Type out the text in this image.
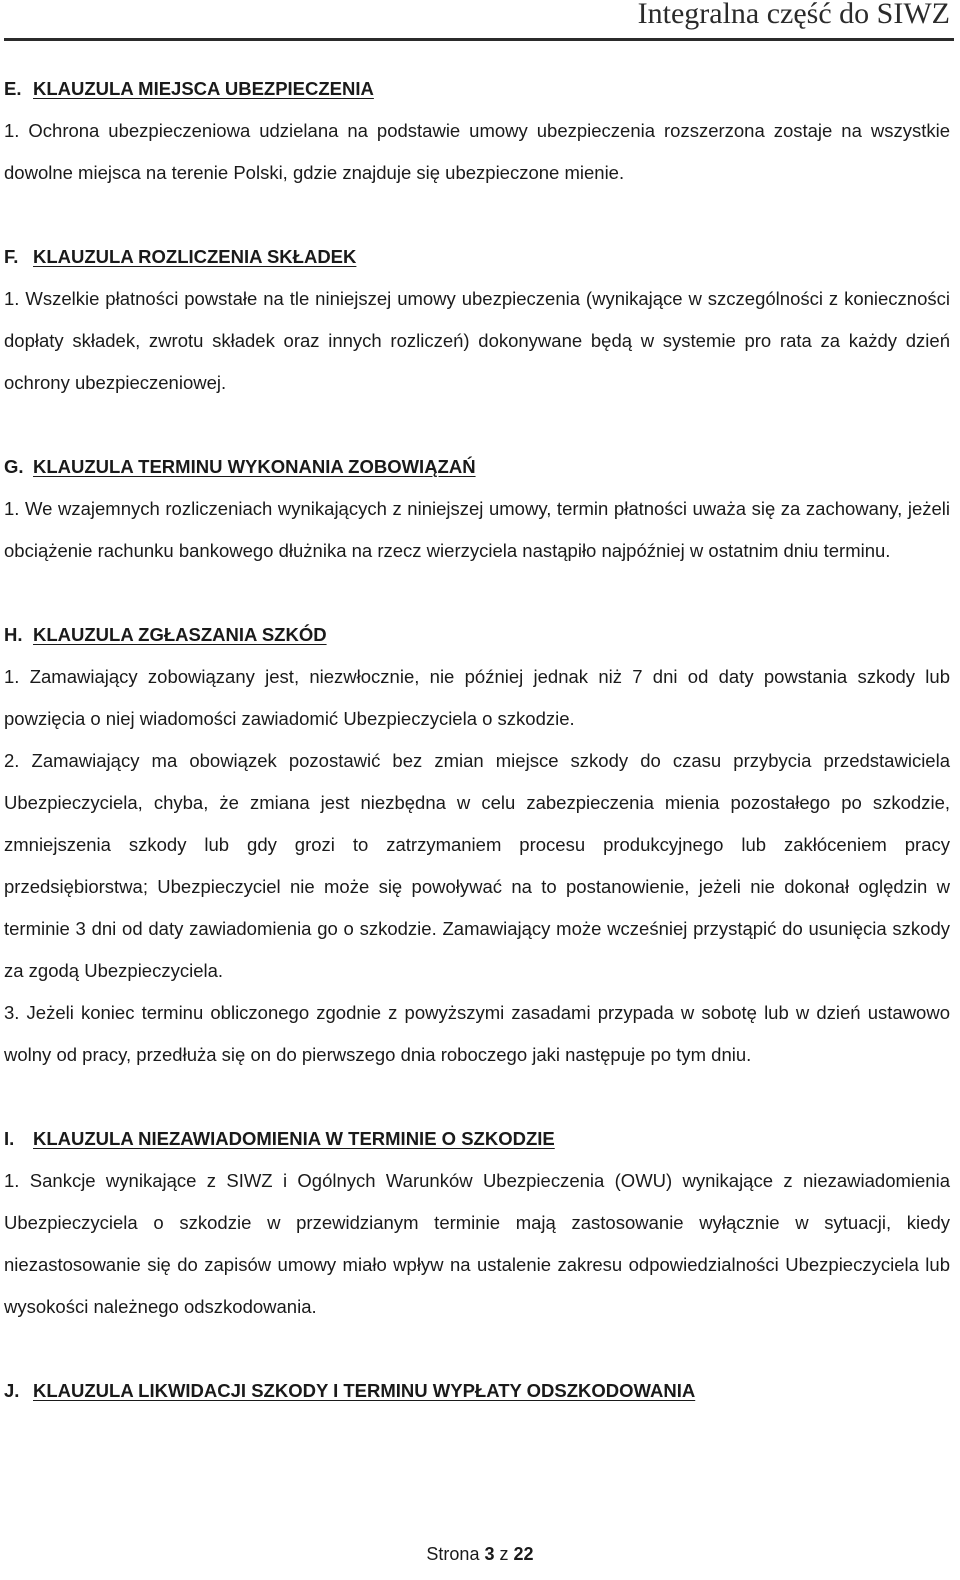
Integralna część do SIWZ

E. KLAUZULA MIEJSCA UBEZPIECZENIA

1. Ochrona ubezpieczeniowa udzielana na podstawie umowy ubezpieczenia rozszerzona zostaje na wszystkie dowolne miejsca na terenie Polski, gdzie znajduje się ubezpieczone mienie.

F. KLAUZULA ROZLICZENIA SKŁADEK

1. Wszelkie płatności powstałe na tle niniejszej umowy ubezpieczenia (wynikające w szczególności z konieczności dopłaty składek, zwrotu składek oraz innych rozliczeń) dokonywane będą w systemie pro rata za każdy dzień ochrony ubezpieczeniowej.

G. KLAUZULA TERMINU WYKONANIA ZOBOWIĄZAŃ

1. We wzajemnych rozliczeniach wynikających z niniejszej umowy, termin płatności uważa się za zachowany, jeżeli obciążenie rachunku bankowego dłużnika na rzecz wierzyciela nastąpiło najpóźniej w ostatnim dniu terminu.

H. KLAUZULA ZGŁASZANIA SZKÓD

1. Zamawiający zobowiązany jest, niezwłocznie, nie później jednak niż 7 dni od daty powstania szkody lub powzięcia o niej wiadomości zawiadomić Ubezpieczyciela o szkodzie.

2. Zamawiający ma obowiązek pozostawić bez zmian miejsce szkody do czasu przybycia przedstawiciela Ubezpieczyciela, chyba, że zmiana jest niezbędna w celu zabezpieczenia mienia pozostałego po szkodzie, zmniejszenia szkody lub gdy grozi to zatrzymaniem procesu produkcyjnego lub zakłóceniem pracy przedsiębiorstwa; Ubezpieczyciel nie może się powoływać na to postanowienie, jeżeli nie dokonał oględzin w terminie 3 dni od daty zawiadomienia go o szkodzie. Zamawiający może wcześniej przystąpić do usunięcia szkody za zgodą Ubezpieczyciela.

3. Jeżeli koniec terminu obliczonego zgodnie z powyższymi zasadami przypada w sobotę lub w dzień ustawowo wolny od pracy, przedłuża się on do pierwszego dnia roboczego jaki następuje po tym dniu.

I. KLAUZULA NIEZAWIADOMIENIA W TERMINIE O SZKODZIE

1. Sankcje wynikające z SIWZ i Ogólnych Warunków Ubezpieczenia (OWU) wynikające z niezawiadomienia Ubezpieczyciela o szkodzie w przewidzianym terminie mają zastosowanie wyłącznie w sytuacji, kiedy niezastosowanie się do zapisów umowy miało wpływ na ustalenie zakresu odpowiedzialności Ubezpieczyciela lub wysokości należnego odszkodowania.

J. KLAUZULA LIKWIDACJI SZKODY I TERMINU WYPŁATY ODSZKODOWANIA

Strona 3 z 22
